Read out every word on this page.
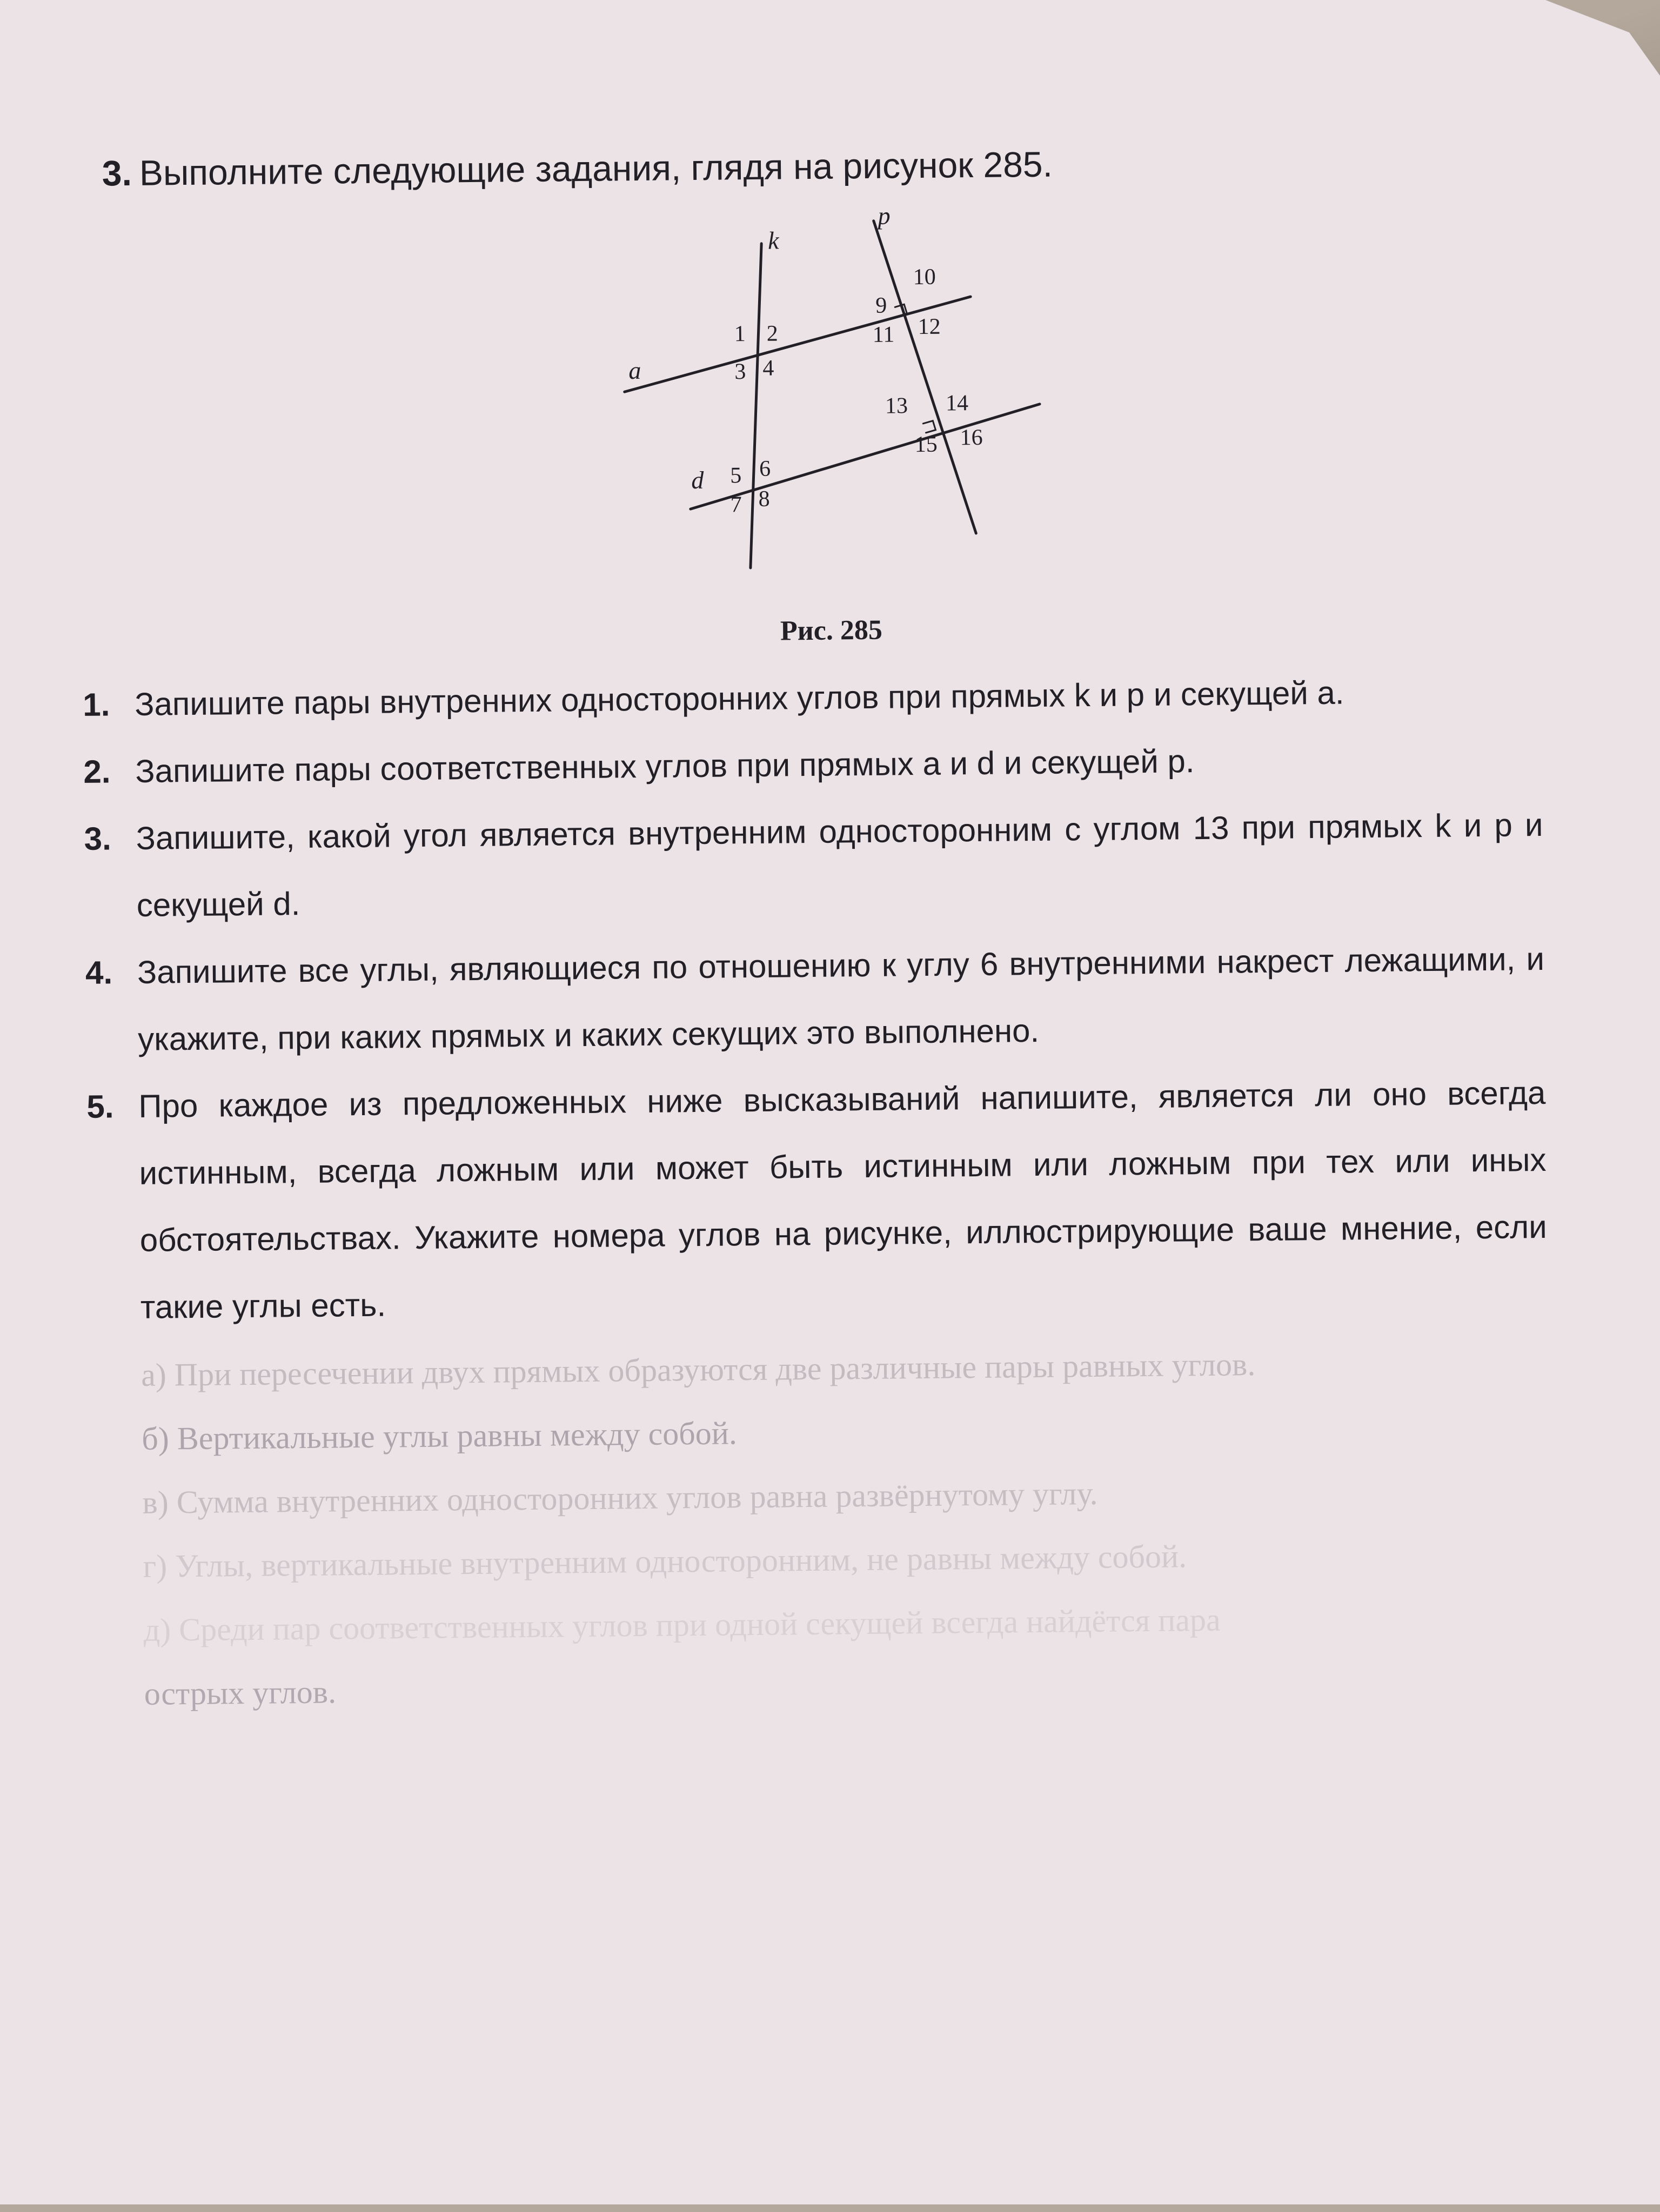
3. Выполните следующие задания, глядя на рисунок 285.
k
p
a
d
1 2
3 4
5 6
7 8
9
10
11 12
13 14
15 16
Рис. 285
1. Запишите пары внутренних односторонних углов при прямых k и p и секущей a.
2. Запишите пары соответственных углов при прямых a и d и секущей p.
3. Запишите, какой угол является внутренним односторонним с углом 13 при прямых k и p и секущей d.
4. Запишите все углы, являющиеся по отношению к углу 6 внутренними накрест лежащими, и укажите, при каких прямых и каких секущих это выполнено.
5. Про каждое из предложенных ниже высказываний напишите, является ли оно всегда истинным, всегда ложным или может быть истинным или ложным при тех или иных обстоятельствах. Укажите номера углов на рисунке, иллюстрирующие ваше мнение, если такие углы есть.
а) При пересечении двух прямых образуются две различные пары равных углов.
б) Вертикальные углы равны между собой.
в) Сумма внутренних односторонних углов равна развёрнутому углу.
г) Углы, вертикальные внутренним односторонним, не равны между собой.
д) Среди пар соответственных углов при одной секущей всегда найдётся пара
острых углов.
